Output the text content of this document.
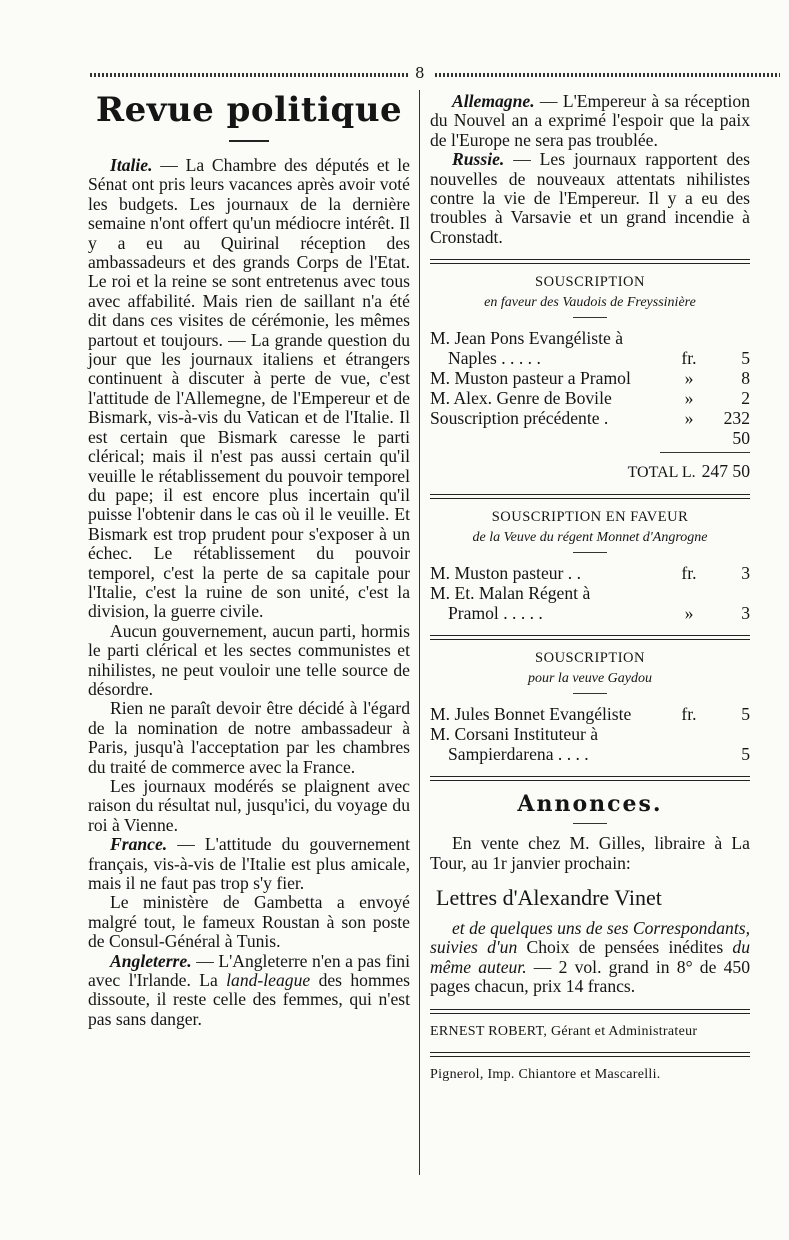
8
Revue politique

Italie. — La Chambre des députés et le Sénat ont pris leurs vacances après avoir voté les budgets. Les journaux de la dernière semaine n'ont offert qu'un médiocre intérêt. Il y a eu au Quirinal réception des ambassadeurs et des grands Corps de l'Etat. Le roi et la reine se sont entretenus avec tous avec affabilité. Mais rien de saillant n'a été dit dans ces visites de cérémonie, les mêmes partout et toujours. — La grande question du jour que les journaux italiens et étrangers continuent à discuter à perte de vue, c'est l'attitude de l'Allemegne, de l'Empereur et de Bismark, vis-à-vis du Vatican et de l'Italie. Il est certain que Bismark caresse le parti clérical; mais il n'est pas aussi certain qu'il veuille le rétablissement du pouvoir temporel du pape; il est encore plus incertain qu'il puisse l'obtenir dans le cas où il le veuille. Et Bismark est trop prudent pour s'exposer à un échec. Le rétablissement du pouvoir temporel, c'est la perte de sa capitale pour l'Italie, c'est la ruine de son unité, c'est la division, la guerre civile.

Aucun gouvernement, aucun parti, hormis le parti clérical et les sectes communistes et nihilistes, ne peut vouloir une telle source de désordre.

Rien ne paraît devoir être décidé à l'égard de la nomination de notre ambassadeur à Paris, jusqu'à l'acceptation par les chambres du traité de commerce avec la France.

Les journaux modérés se plaignent avec raison du résultat nul, jusqu'ici, du voyage du roi à Vienne.

France. — L'attitude du gouvernement français, vis-à-vis de l'Italie est plus amicale, mais il ne faut pas trop s'y fier.

Le ministère de Gambetta a envoyé malgré tout, le fameux Roustan à son poste de Consul-Général à Tunis.

Angleterre. — L'Angleterre n'en a pas fini avec l'Irlande. La land-league des hommes dissoute, il reste celle des femmes, qui n'est pas sans danger.

Allemagne. — L'Empereur à sa réception du Nouvel an a exprimé l'espoir que la paix de l'Europe ne sera pas troublée.

Russie. — Les journaux rapportent des nouvelles de nouveaux attentats nihilistes contre la vie de l'Empereur. Il y a eu des troubles à Varsavie et un grand incendie à Cronstadt.

SOUSCRIPTION
en faveur des Vaudois de Freyssinière
M. Jean Pons Evangéliste à
Naples . . . . .	fr.	5
M. Muston pasteur a Pramol	»	8
M. Alex. Genre de Bovile	»	2
Souscription précédente .	»	232 50
TOTAL L. 247 50
SOUSCRIPTION EN FAVEUR
de la Veuve du régent Monnet d'Angrogne
M. Muston pasteur . .	fr.	3
M. Et. Malan Régent à
Pramol . . . . .	»	3
SOUSCRIPTION
pour la veuve Gaydou
M. Jules Bonnet Evangéliste	fr.	5
M. Corsani Instituteur à
Sampierdarena . . . .	5
Annonces.

En vente chez M. Gilles, libraire à La Tour, au 1r janvier prochain:

Lettres d'Alexandre Vinet

et de quelques uns de ses Correspondants, suivies d'un Choix de pensées inédites du même auteur. — 2 vol. grand in 8° de 450 pages chacun, prix 14 francs.

ERNEST ROBERT, Gérant et Administrateur
Pignerol, Imp. Chiantore et Mascarelli.
